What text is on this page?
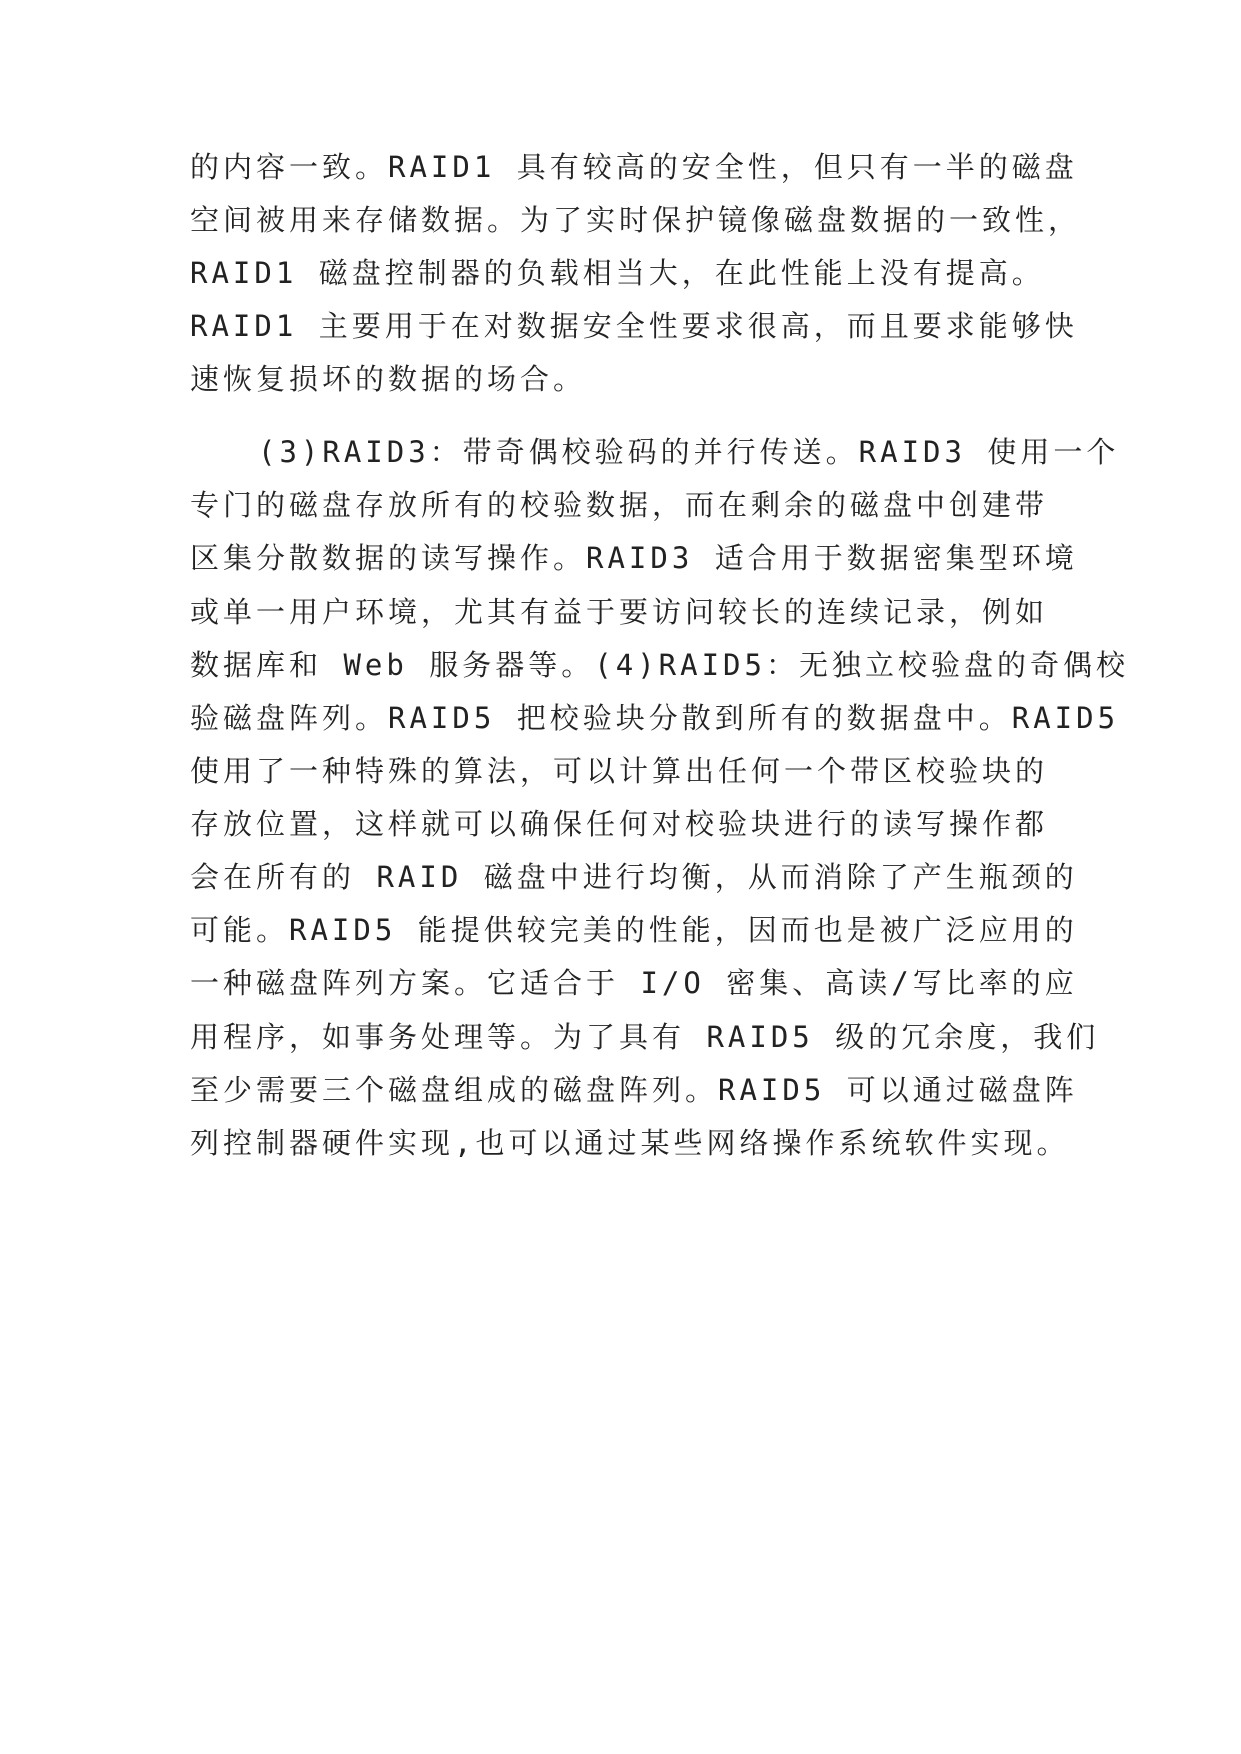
的内容一致。RAID1 具有较高的安全性，但只有一半的磁盘
空间被用来存储数据。为了实时保护镜像磁盘数据的一致性，
RAID1 磁盘控制器的负载相当大，在此性能上没有提高。
RAID1 主要用于在对数据安全性要求很高，而且要求能够快
速恢复损坏的数据的场合。
(3)RAID3：带奇偶校验码的并行传送。RAID3 使用一个
专门的磁盘存放所有的校验数据，而在剩余的磁盘中创建带
区集分散数据的读写操作。RAID3 适合用于数据密集型环境
或单一用户环境，尤其有益于要访问较长的连续记录，例如
数据库和 Web 服务器等。(4)RAID5：无独立校验盘的奇偶校
验磁盘阵列。RAID5 把校验块分散到所有的数据盘中。RAID5
使用了一种特殊的算法，可以计算出任何一个带区校验块的
存放位置，这样就可以确保任何对校验块进行的读写操作都
会在所有的 RAID 磁盘中进行均衡，从而消除了产生瓶颈的
可能。RAID5 能提供较完美的性能，因而也是被广泛应用的
一种磁盘阵列方案。它适合于 I/O 密集、高读/写比率的应
用程序，如事务处理等。为了具有 RAID5 级的冗余度，我们
至少需要三个磁盘组成的磁盘阵列。RAID5 可以通过磁盘阵
列控制器硬件实现,也可以通过某些网络操作系统软件实现。
